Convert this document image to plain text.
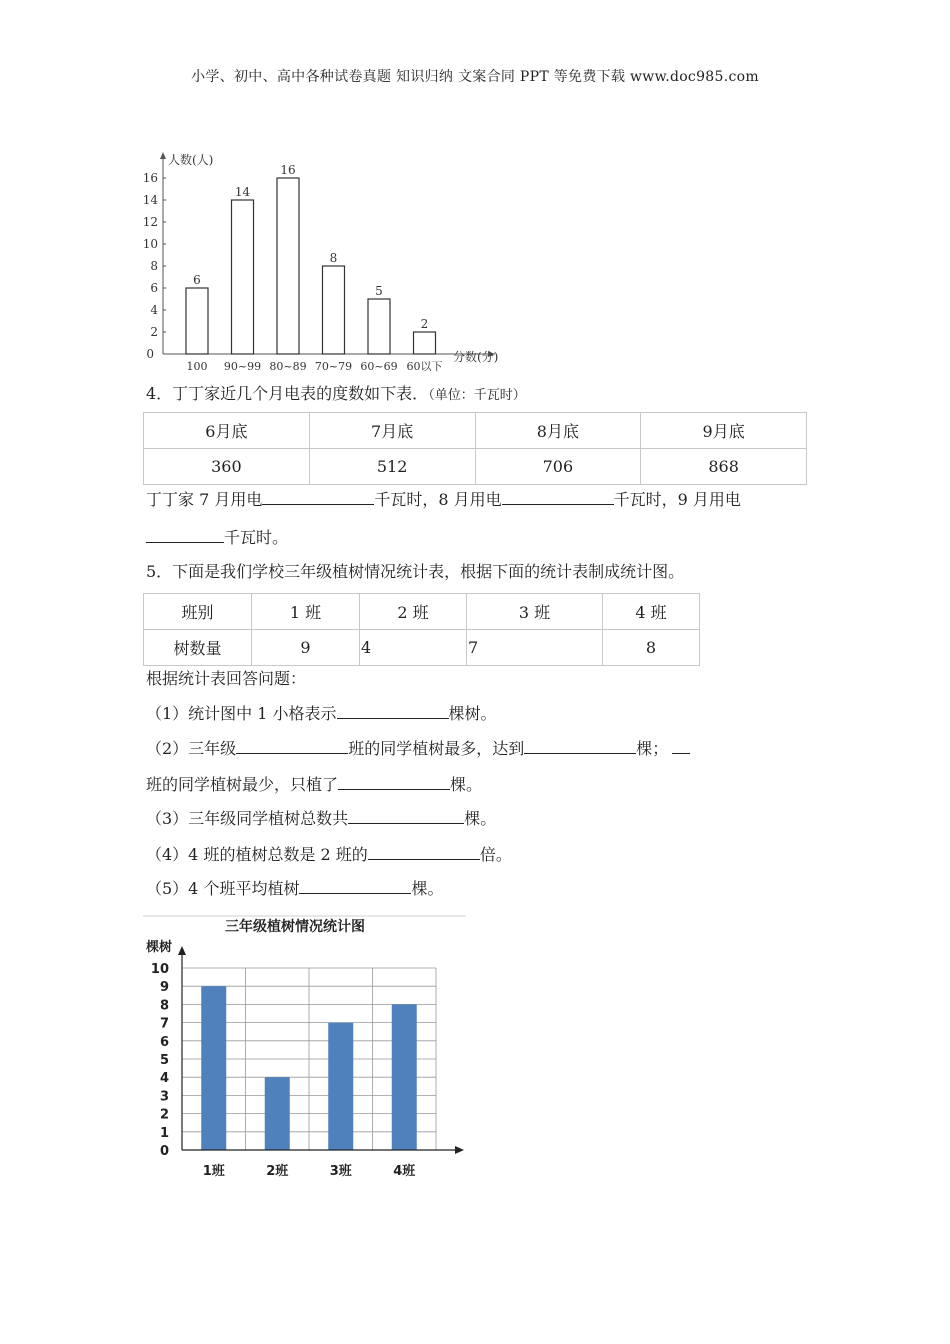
小学、初中、高中各种试卷真题 知识归纳 文案合同 PPT 等免费下载 www.doc985.com
0
2
4
6
8
10
12
14
16
6
14
16
8
5
2
100 90~99 80~89 70~79 60~69 60以下
人数(人)
分数(分)
4．丁丁家近几个月电表的度数如下表．（单位：千瓦时）
6月底	7月底	8月底	9月底
360	512	706	868
丁丁家 7 月用电	千瓦时，8 月用电	千瓦时，9 月用电
千瓦时。
5．下面是我们学校三年级植树情况统计表，根据下面的统计表制成统计图。
班别	1 班	2 班	3 班	4 班
树数量	9	4	7	8
根据统计表回答问题：
（1）统计图中 1 小格表示	棵树。
（2）三年级	班的同学植树最多，达到	棵；
班的同学植树最少，只植了	棵。
（3）三年级同学植树总数共	棵。
（4）4 班的植树总数是 2 班的	倍。
（5）4 个班平均植树	棵。
三年级植树情况统计图
棵树
0
1
2
3
4
5
6
7
8
9
10
1班	2班	3班	4班
